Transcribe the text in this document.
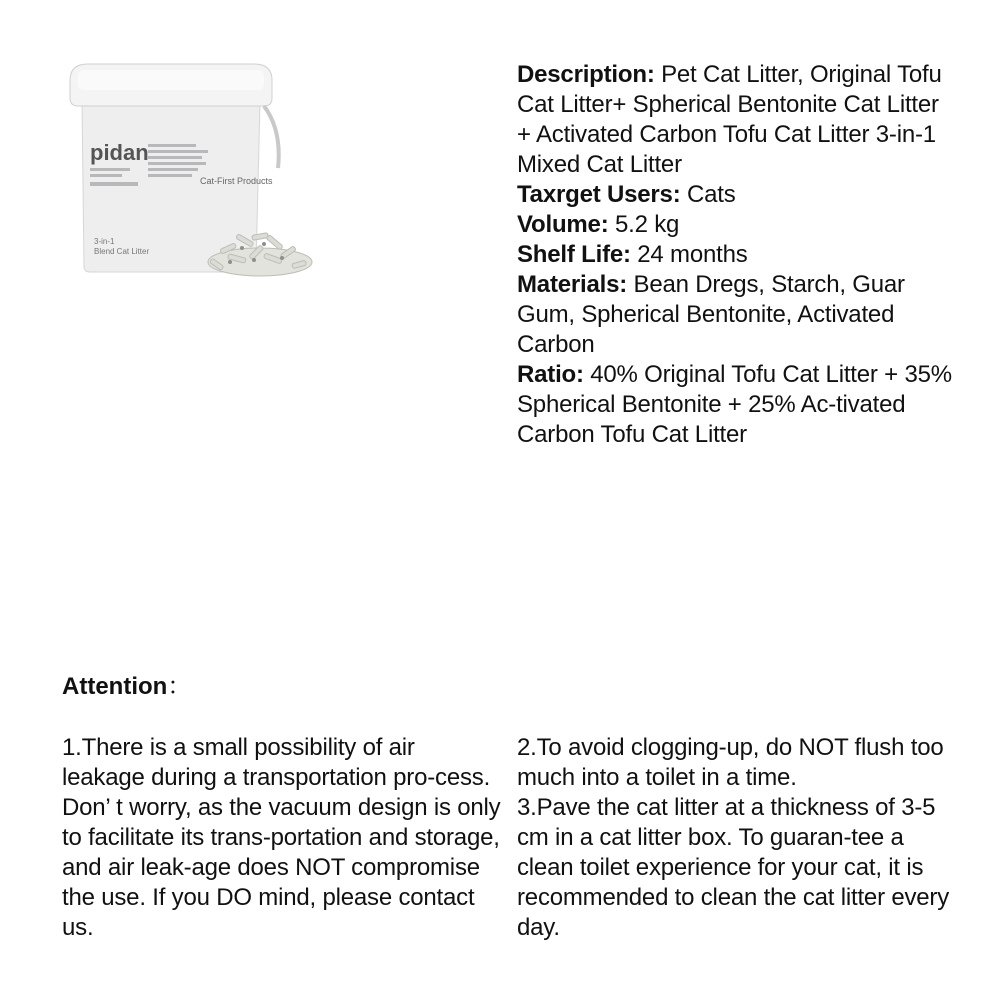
pidan
Cat-First Products
3-in-1
Blend Cat Litter

Description: Pet Cat Litter, Original Tofu Cat Litter+ Spherical Bentonite Cat Litter + Activated Carbon Tofu Cat Litter 3-in-1 Mixed Cat Litter

Taxrget Users: Cats

Volume: 5.2 kg

Shelf Life: 24 months

Materials: Bean Dregs, Starch, Guar Gum, Spherical Bentonite, Activated Carbon

Ratio: 40% Original Tofu Cat Litter + 35% Spherical Bentonite + 25% Ac-tivated Carbon Tofu Cat Litter

Attention：

1.There is a small possibility of air leakage during a transportation pro-cess. Don’ t worry, as the vacuum design is only to facilitate its trans-portation and storage, and air leak-age does NOT compromise the use. If you DO mind, please contact us.

2.To avoid clogging-up, do NOT flush too much into a toilet in a time.

3.Pave the cat litter at a thickness of 3-5 cm in a cat litter box. To guaran-tee a clean toilet experience for your cat, it is recommended to clean the cat litter every day.
